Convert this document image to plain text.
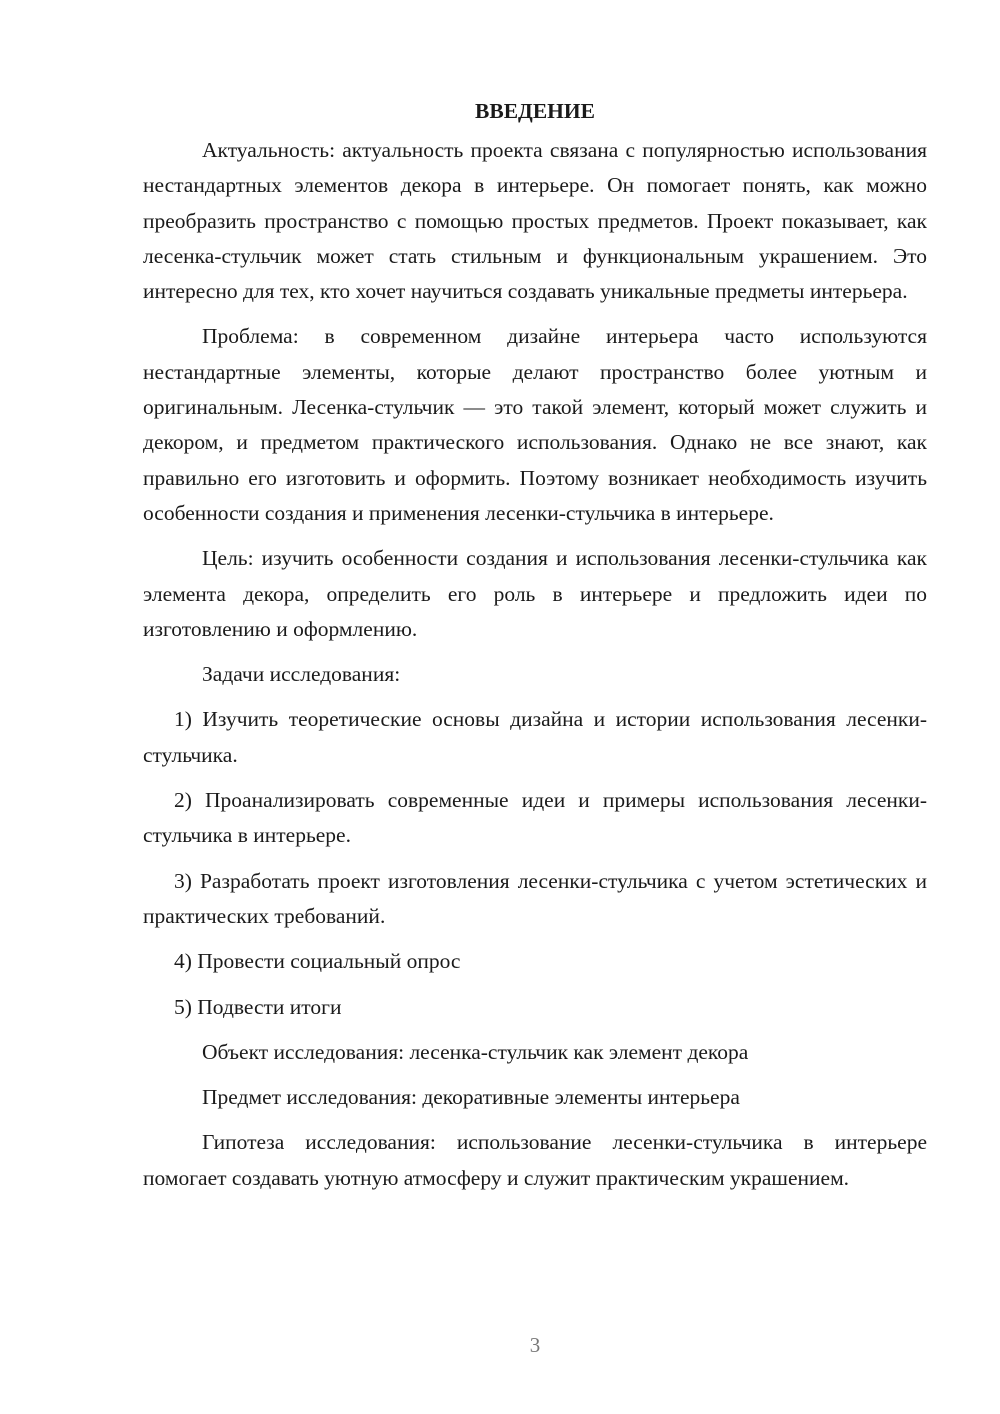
ВВЕДЕНИЕ

Актуальность: актуальность проекта связана с популярностью использования нестандартных элементов декора в интерьере. Он помогает понять, как можно преобразить пространство с помощью простых предметов. Проект показывает, как лесенка-стульчик может стать стильным и функциональным украшением. Это интересно для тех, кто хочет научиться создавать уникальные предметы интерьера.

Проблема: в современном дизайне интерьера часто используются нестандартные элементы, которые делают пространство более уютным и оригинальным. Лесенка-стульчик — это такой элемент, который может служить и декором, и предметом практического использования. Однако не все знают, как правильно его изготовить и оформить. Поэтому возникает необходимость изучить особенности создания и применения лесенки-стульчика в интерьере.

Цель: изучить особенности создания и использования лесенки-стульчика как элемента декора, определить его роль в интерьере и предложить идеи по изготовлению и оформлению.

Задачи исследования:

1) Изучить теоретические основы дизайна и истории использования лесенки-стульчика.

2) Проанализировать современные идеи и примеры использования лесенки-стульчика в интерьере.

3) Разработать проект изготовления лесенки-стульчика с учетом эстетических и практических требований.

4) Провести социальный опрос

5) Подвести итоги

Объект исследования: лесенка-стульчик как элемент декора

Предмет исследования: декоративные элементы интерьера

Гипотеза исследования: использование лесенки-стульчика в интерьере помогает создавать уютную атмосферу и служит практическим украшением.

3
